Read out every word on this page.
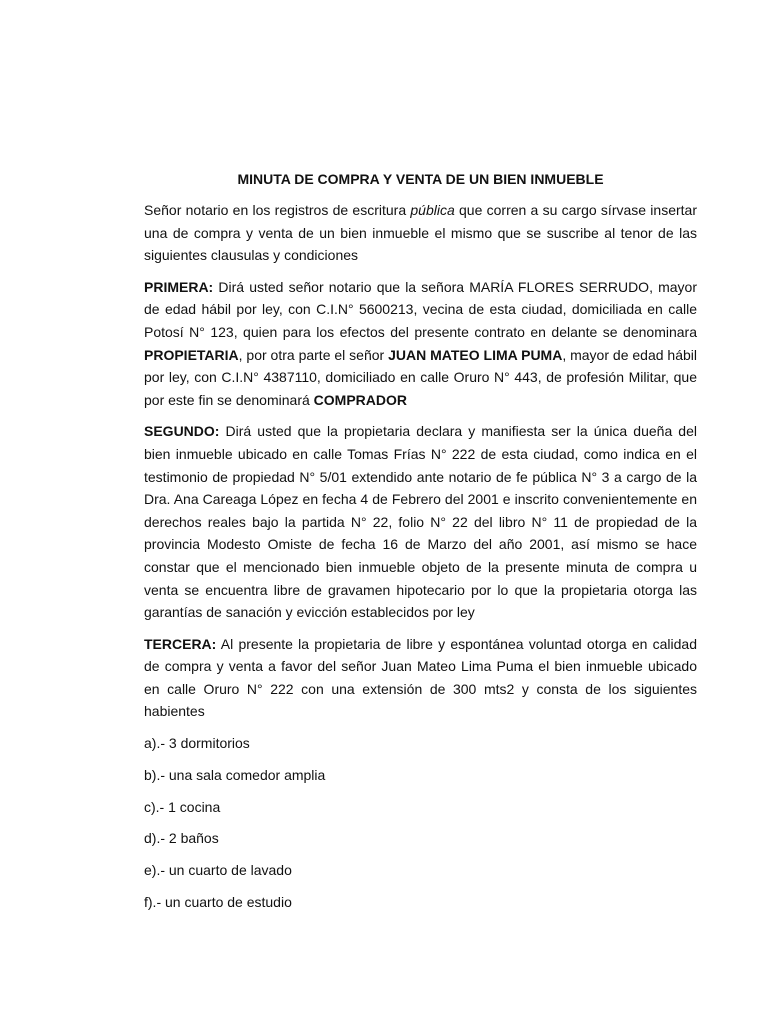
MINUTA DE COMPRA Y VENTA DE UN BIEN INMUEBLE

Señor notario en los registros de escritura pública que corren a su cargo sírvase insertar una de compra y venta de un bien inmueble el mismo que se suscribe al tenor de las siguientes clausulas y condiciones

PRIMERA: Dirá usted señor notario que la señora MARÍA FLORES SERRUDO, mayor de edad hábil por ley, con C.I.N° 5600213, vecina de esta ciudad, domiciliada en calle Potosí N° 123, quien para los efectos del presente contrato en delante se denominara PROPIETARIA, por otra parte el señor JUAN MATEO LIMA PUMA, mayor de edad hábil por ley, con C.I.N° 4387110, domiciliado en calle Oruro N° 443, de profesión Militar, que por este fin se denominará COMPRADOR

SEGUNDO: Dirá usted que la propietaria declara y manifiesta ser la única dueña del bien inmueble ubicado en calle Tomas Frías N° 222 de esta ciudad, como indica en el testimonio de propiedad N° 5/01 extendido ante notario de fe pública N° 3 a cargo de la Dra. Ana Careaga López en fecha 4 de Febrero del 2001 e inscrito convenientemente en derechos reales bajo la partida N° 22, folio N° 22 del libro N° 11 de propiedad de la provincia Modesto Omiste de fecha 16 de Marzo del año 2001, así mismo se hace constar que el mencionado bien inmueble objeto de la presente minuta de compra u venta se encuentra libre de gravamen hipotecario por lo que la propietaria otorga las garantías de sanación y evicción establecidos por ley

TERCERA: Al presente la propietaria de libre y espontánea voluntad otorga en calidad de compra y venta a favor del señor Juan Mateo Lima Puma el bien inmueble ubicado en calle Oruro N° 222 con una extensión de 300 mts2 y consta de los siguientes habientes

a).- 3 dormitorios
b).- una sala comedor amplia
c).- 1 cocina
d).- 2 baños
e).- un cuarto de lavado
f).- un cuarto de estudio
